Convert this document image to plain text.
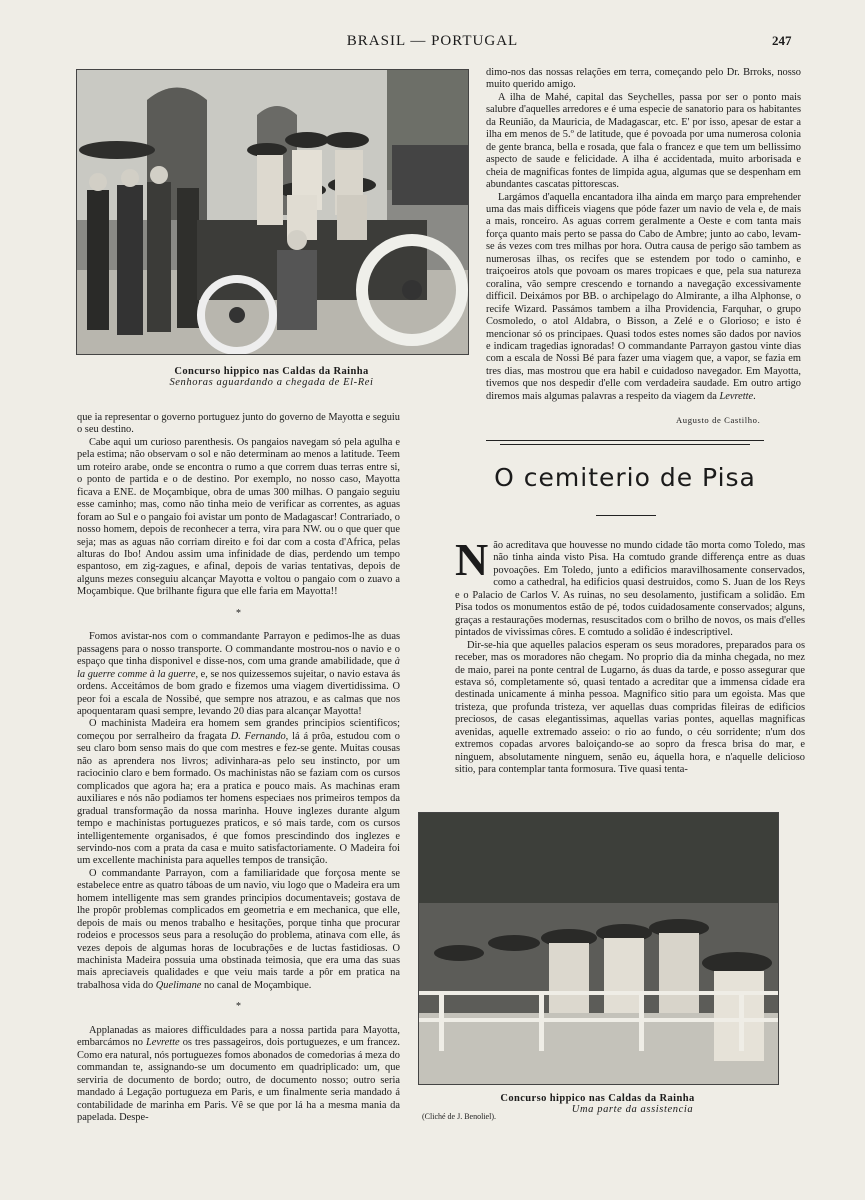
BRASIL — PORTUGAL	247
Concurso hippico nas Caldas da Rainha
Senhoras aguardando a chegada de El-Rei

que ia representar o governo portuguez junto do governo de Mayotta e seguiu o seu destino.

Cabe aqui um curioso parenthesis. Os pangaios navegam só pela agulha e pela estima; não observam o sol e não determinam ao menos a latitude. Teem um roteiro arabe, onde se encontra o rumo a que correm duas terras entre si, o ponto de partida e o de destino. Por exemplo, no nosso caso, Mayotta ficava a ENE. de Moçambique, obra de umas 300 milhas. O pangaio seguiu esse caminho; mas, como não tinha meio de verificar as correntes, as aguas foram ao Sul e o pangaio foi avistar um ponto de Madagascar! Contrariado, o nosso homem, depois de reconhecer a terra, vira para NW. ou o que quer que seja; mas as aguas não corriam direito e foi dar com a costa d'Africa, pelas alturas do Ibo! Andou assim uma infinidade de dias, perdendo um tempo espantoso, em zig-zagues, e afinal, depois de varias tentativas, depois de alguns mezes conseguiu alcançar Mayotta e voltou o pangaio com o zuavo a Moçambique. Que brilhante figura que elle faria em Mayotta!!

*

Fomos avistar-nos com o commandante Parrayon e pedimos-lhe as duas passagens para o nosso transporte. O commandante mostrou-nos o navio e o espaço que tinha disponivel e disse-nos, com uma grande amabilidade, que à la guerre comme à la guerre, e, se nos quizessemos sujeitar, o navio estava ás ordens. Acceitámos de bom grado e fizemos uma viagem divertidissima. O peor foi a escala de Nossibé, que sempre nos atrazou, e as calmas que nos apoquentaram quasi sempre, levando 20 dias para alcançar Mayotta!

O machinista Madeira era homem sem grandes principios scientificos; começou por serralheiro da fragata D. Fernando, lá á prôa, estudou com o seu claro bom senso mais do que com mestres e fez-se gente. Muitas cousas não as aprendera nos livros; adivinhara-as pelo seu instincto, por um raciocinio claro e bem formado. Os machinistas não se faziam com os cursos complicados que agora ha; era a pratica e pouco mais. As machinas eram auxiliares e nós não podiamos ter homens especiaes nos primeiros tempos da gradual transformação da nossa marinha. Houve inglezes durante algum tempo e machinistas portuguezes praticos, e só mais tarde, com os cursos intelligentemente organisados, é que fomos prescindindo dos inglezes e servindo-nos com a prata da casa e muito satisfactoriamente. O Madeira foi um excellente machinista para aquelles tempos de transição.

O commandante Parrayon, com a familiaridade que forçosa mente se estabelece entre as quatro táboas de um navio, viu logo que o Madeira era um homem intelligente mas sem grandes principios documentaveis; gostava de lhe propôr problemas complicados em geometria e em mechanica, que elle, depois de mais ou menos trabalho e hesitações, porque tinha que procurar rodeios e processos seus para a resolução do problema, atinava com elle, ás vezes depois de algumas horas de locubrações e de luctas fastidiosas. O machinista Madeira possuia uma obstinada teimosia, que era uma das suas mais apreciaveis qualidades e que veiu mais tarde a pôr em pratica na trabalhosa vida do Quelimane no canal de Moçambique.

*

Applanadas as maiores difficuldades para a nossa partida para Mayotta, embarcámos no Levrette os tres passageiros, dois portuguezes, e um francez. Como era natural, nós portuguezes fomos abonados de comedorias á meza do commandan te, assignando-se um documento em quadriplicado: um, que serviria de documento de bordo; outro, de documento nosso; outro seria mandado á Legação portugueza em Paris, e um finalmente seria mandado á contabilidade de marinha em Paris. Vê se que por lá ha a mesma mania da papelada. Despe-

dimo-nos das nossas relações em terra, começando pelo Dr. Brroks, nosso muito querido amigo.

A ilha de Mahé, capital das Seychelles, passa por ser o ponto mais salubre d'aquelles arredores e é uma especie de sanatorio para os habitantes da Reunião, da Mauricia, de Madagascar, etc. E' por isso, apesar de estar a ilha em menos de 5.º de latitude, que é povoada por uma numerosa colonia de gente branca, bella e rosada, que fala o francez e que tem um bellissimo aspecto de saude e felicidade. A ilha é accidentada, muito arborisada e cheia de magnificas fontes de limpida agua, algumas que se despenham em abundantes cascatas pittorescas.

Largámos d'aquella encantadora ilha ainda em março para emprehender uma das mais difficeis viagens que póde fazer um navio de vela e, de mais a mais, ronceiro. As aguas correm geralmente a Oeste e com tanta mais força quanto mais perto se passa do Cabo de Ambre; junto ao cabo, levam-se ás vezes com tres milhas por hora. Outra causa de perigo são tambem as numerosas ilhas, os recifes que se estendem por todo o caminho, e traiçoeiros atols que povoam os mares tropicaes e que, pela sua natureza coralina, vão sempre crescendo e tornando a navegação excessivamente difficil. Deixámos por BB. o archipelago do Almirante, a ilha Alphonse, o recife Wizard. Passámos tambem a ilha Providencia, Farquhar, o grupo Cosmoledo, o atol Aldabra, o Bisson, a Zelé e o Glorioso; e isto é mencionar só os principaes. Quasi todos estes nomes são dados por navios e indicam tragedias ignoradas! O commandante Parrayon gastou vinte dias com a escala de Nossi Bé para fazer uma viagem que, a vapor, se fazia em tres dias, mas mostrou que era habil e cuidadoso navegador. Em Mayotta, tivemos que nos despedir d'elle com verdadeira saudade. Em outro artigo diremos mais algumas palavras a respeito da viagem da Levrette.

Augusto de Castilho.
O cemiterio de Pisa

Não acreditava que houvesse no mundo cidade tão morta como Toledo, mas não tinha ainda visto Pisa. Ha comtudo grande differença entre as duas povoações. Em Toledo, junto a edificios maravilhosamente conservados, como a cathedral, ha edificios quasi destruidos, como S. Juan de los Reys e o Palacio de Carlos V. As ruinas, no seu desolamento, justificam a solidão. Em Pisa todos os monumentos estão de pé, todos cuidadosamente conservados; alguns, graças a restaurações modernas, resuscitados com o brilho de novos, os mais d'elles pintados de vivissimas côres. E comtudo a solidão é indescriptivel.

Dir-se-hia que aquelles palacios esperam os seus moradores, preparados para os receber, mas os moradores não chegam. No proprio dia da minha chegada, no mez de maio, parei na ponte central de Lugarno, ás duas da tarde, e posso assegurar que estava só, completamente só, quasi tentado a acreditar que a immensa cidade era destinada unicamente á minha pessoa. Magnifico sitio para um egoista. Mas que tristeza, que profunda tristeza, ver aquellas duas compridas fileiras de edificios preciosos, de casas elegantissimas, aquellas varias pontes, aquellas magnificas avenidas, aquelle extremado asseio: o rio ao fundo, o céu sorridente; n'um dos extremos copadas arvores baloiçando-se ao sopro da fresca brisa do mar, e ninguem, absolutamente ninguem, senão eu, áquella hora, e n'aquelle delicioso sitio, para contemplar tanta formosura. Tive quasi tenta-

Concurso hippico nas Caldas da Rainha
Uma parte da assistencia
(Cliché de J. Benoliel).
